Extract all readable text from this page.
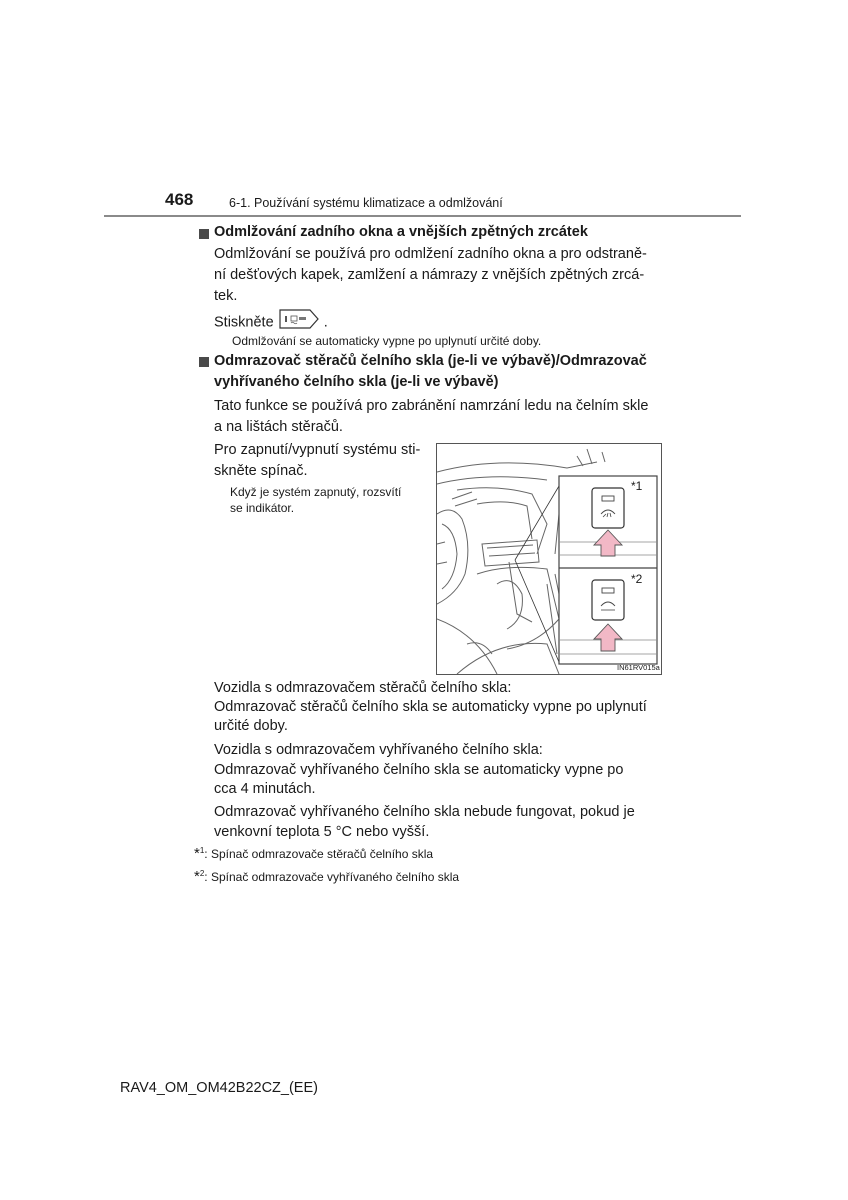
468	6-1. Používání systému klimatizace a odmlžování
Odmlžování zadního okna a vnějších zpětných zrcátek
Odmlžování se používá pro odmlžení zadního okna a pro odstraně-
ní dešťových kapek, zamlžení a námrazy z vnějších zpětných zrcá-
tek.
Stiskněte	.
Odmlžování se automaticky vypne po uplynutí určité doby.
Odmrazovač stěračů čelního skla (je-li ve výbavě)/Odmrazovač
vyhřívaného čelního skla (je-li ve výbavě)
Tato funkce se používá pro zabránění namrzání ledu na čelním skle
a na lištách stěračů.
Pro zapnutí/vypnutí systému sti-
skněte spínač.
Když je systém zapnutý, rozsvítí
se indikátor.
*1
*2
IN61RV015a
Vozidla s odmrazovačem stěračů čelního skla:
Odmrazovač stěračů čelního skla se automaticky vypne po uplynutí
určité doby.
Vozidla s odmrazovačem vyhřívaného čelního skla:
Odmrazovač vyhřívaného čelního skla se automaticky vypne po
cca 4 minutách.
Odmrazovač vyhřívaného čelního skla nebude fungovat, pokud je
venkovní teplota 5 °C nebo vyšší.
*$^1$: Spínač odmrazovače stěračů čelního skla
*$^2$: Spínač odmrazovače vyhřívaného čelního skla
RAV4_OM_OM42B22CZ_(EE)
